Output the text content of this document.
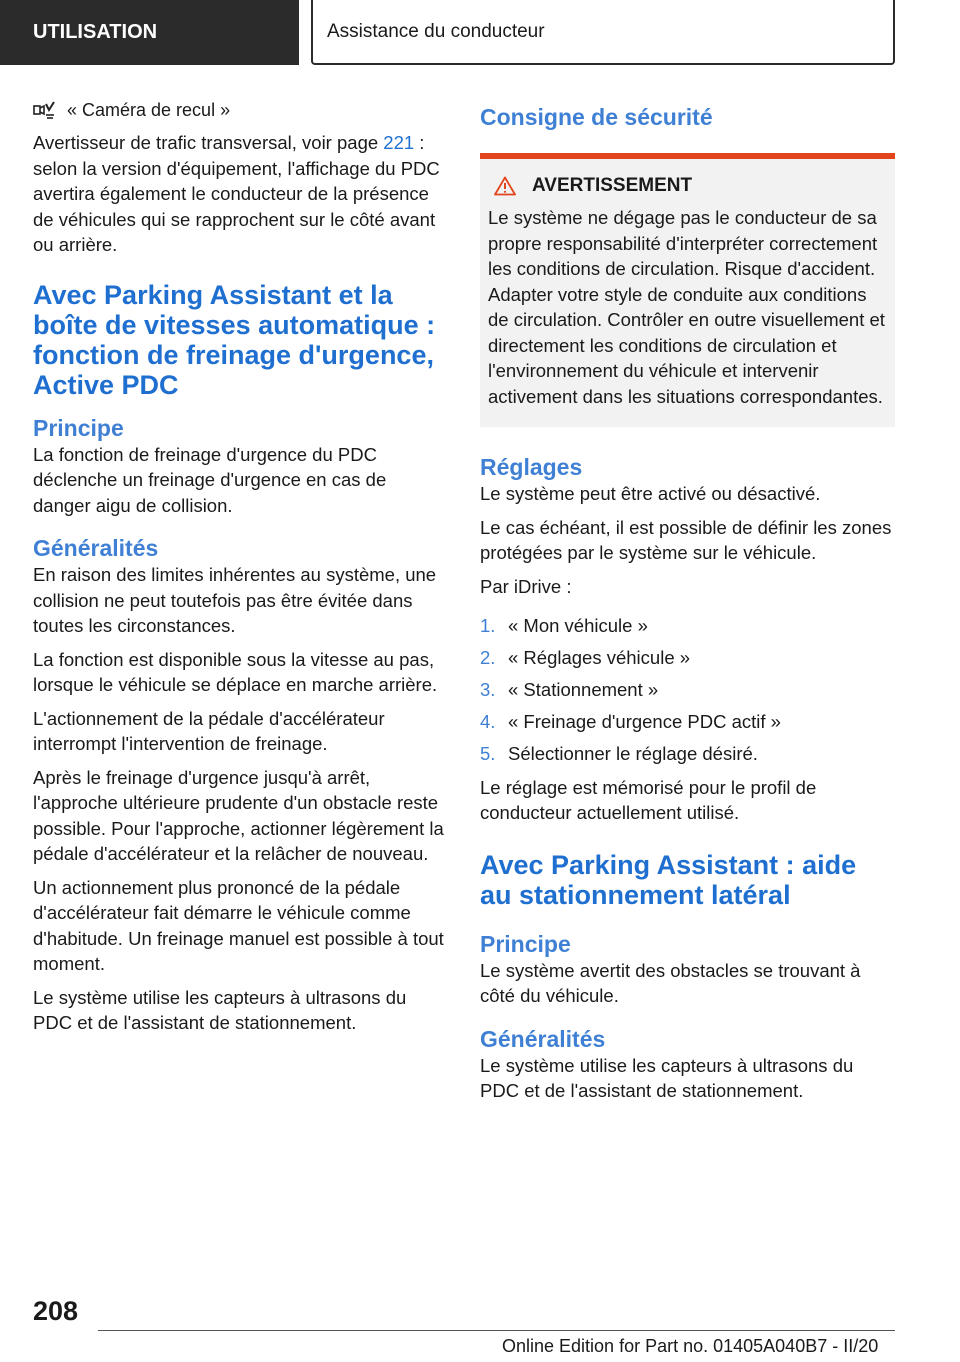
UTILISATION	Assistance du conducteur
« Caméra de recul »

Avertisseur de trafic transversal, voir page 221 : selon la version d'équipement, l'affichage du PDC avertira également le conducteur de la présence de véhicules qui se rapprochent sur le côté avant ou arrière.

Avec Parking Assistant et la boîte de vitesses automatique : fonction de freinage d'urgence, Active PDC
Principe

La fonction de freinage d'urgence du PDC déclenche un freinage d'urgence en cas de danger aigu de collision.

Généralités

En raison des limites inhérentes au système, une collision ne peut toutefois pas être évitée dans toutes les circonstances.

La fonction est disponible sous la vitesse au pas, lorsque le véhicule se déplace en marche arrière.

L'actionnement de la pédale d'accélérateur interrompt l'intervention de freinage.

Après le freinage d'urgence jusqu'à arrêt, l'approche ultérieure prudente d'un obstacle reste possible. Pour l'approche, actionner légèrement la pédale d'accélérateur et la relâcher de nouveau.

Un actionnement plus prononcé de la pédale d'accélérateur fait démarre le véhicule comme d'habitude. Un freinage manuel est possible à tout moment.

Le système utilise les capteurs à ultrasons du PDC et de l'assistant de stationnement.

Consigne de sécurité
AVERTISSEMENT

Le système ne dégage pas le conducteur de sa propre responsabilité d'interpréter correctement les conditions de circulation. Risque d'accident. Adapter votre style de conduite aux conditions de circulation. Contrôler en outre visuellement et directement les conditions de circulation et l'environnement du véhicule et intervenir activement dans les situations correspondantes.

Réglages

Le système peut être activé ou désactivé.

Le cas échéant, il est possible de définir les zones protégées par le système sur le véhicule.

Par iDrive :

1. « Mon véhicule »
2. « Réglages véhicule »
3. « Stationnement »
4. « Freinage d'urgence PDC actif »
5. Sélectionner le réglage désiré.

Le réglage est mémorisé pour le profil de conducteur actuellement utilisé.

Avec Parking Assistant : aide au stationnement latéral
Principe

Le système avertit des obstacles se trouvant à côté du véhicule.

Généralités

Le système utilise les capteurs à ultrasons du PDC et de l'assistant de stationnement.

208
Online Edition for Part no. 01405A040B7 - II/20
